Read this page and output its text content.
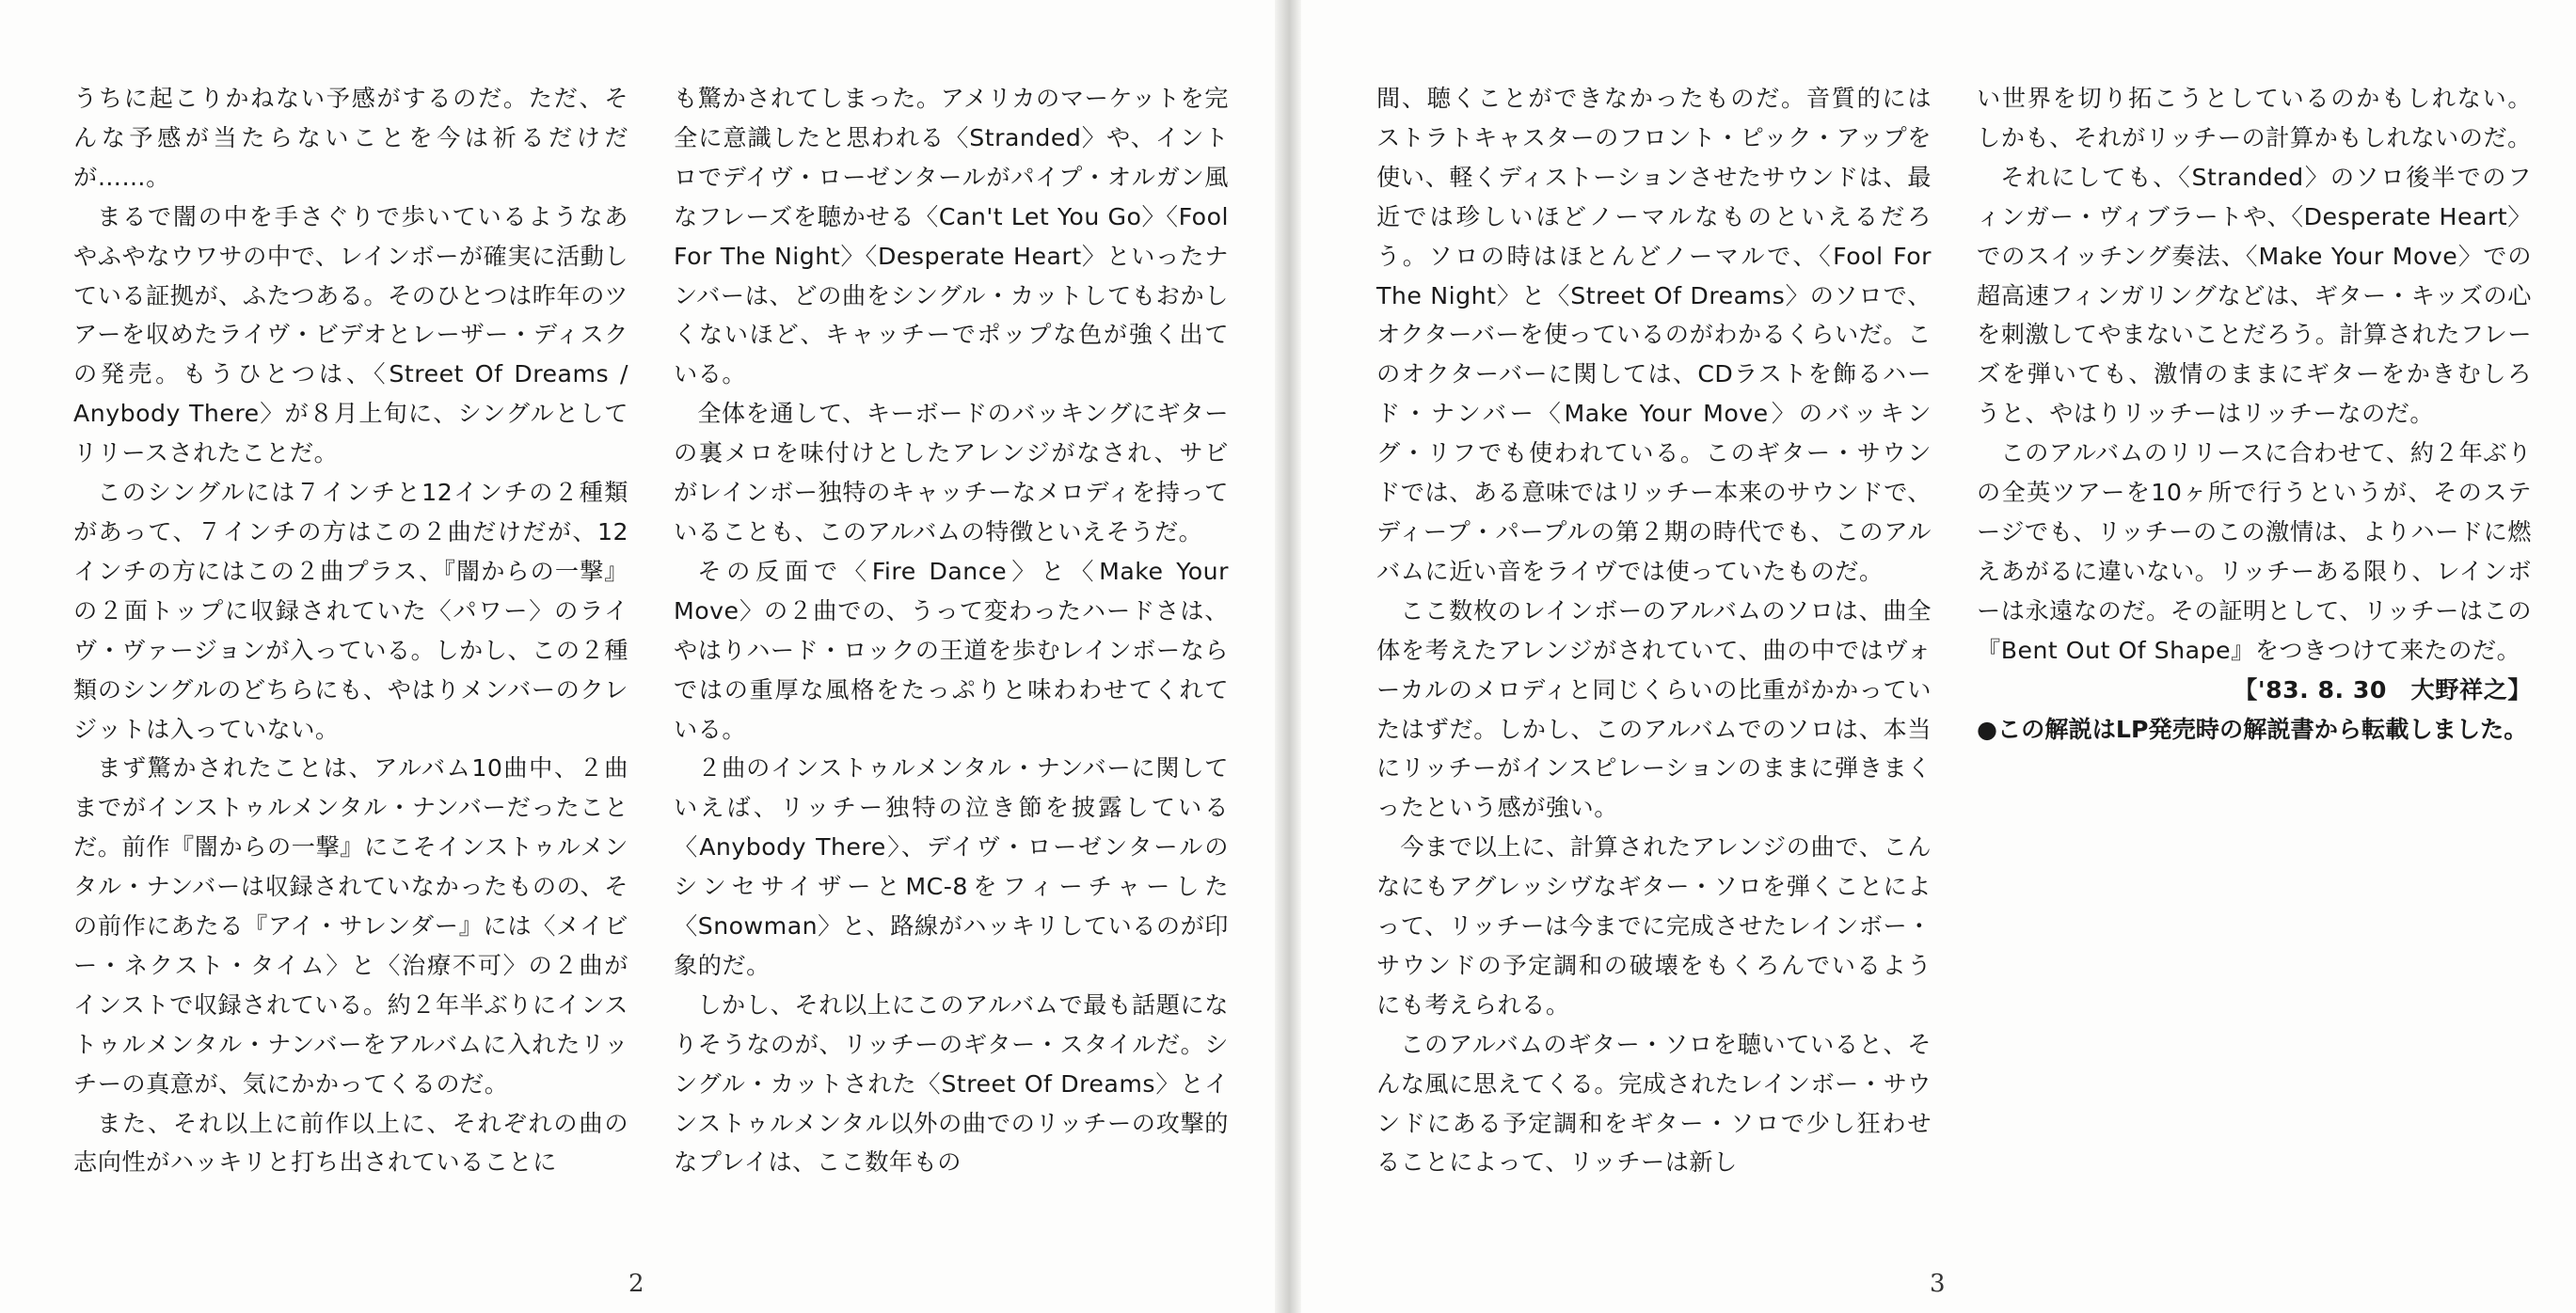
うちに起こりかねない予感がするのだ。ただ、そんな予感が当たらないことを今は祈るだけだが……。

まるで闇の中を手さぐりで歩いているようなあやふやなウワサの中で、レインボーが確実に活動している証拠が、ふたつある。そのひとつは昨年のツアーを収めたライヴ・ビデオとレーザー・ディスクの発売。もうひとつは、〈Street Of Dreams / Anybody There〉が８月上旬に、シングルとしてリリースされたことだ。

このシングルには７インチと12インチの２種類があって、７インチの方はこの２曲だけだが、12インチの方にはこの２曲プラス、『闇からの一撃』の２面トップに収録されていた〈パワー〉のライヴ・ヴァージョンが入っている。しかし、この２種類のシングルのどちらにも、やはりメンバーのクレジットは入っていない。

まず驚かされたことは、アルバム10曲中、２曲までがインストゥルメンタル・ナンバーだったことだ。前作『闇からの一撃』にこそインストゥルメンタル・ナンバーは収録されていなかったものの、その前作にあたる『アイ・サレンダー』には〈メイビー・ネクスト・タイム〉と〈治療不可〉の２曲がインストで収録されている。約２年半ぶりにインストゥルメンタル・ナンバーをアルバムに入れたリッチーの真意が、気にかかってくるのだ。

また、それ以上に前作以上に、それぞれの曲の志向性がハッキリと打ち出されていることに

も驚かされてしまった。アメリカのマーケットを完全に意識したと思われる〈Stranded〉や、イントロでデイヴ・ローゼンタールがパイプ・オルガン風なフレーズを聴かせる〈Can't Let You Go〉〈Fool For The Night〉〈Desperate Heart〉といったナンバーは、どの曲をシングル・カットしてもおかしくないほど、キャッチーでポップな色が強く出ている。

全体を通して、キーボードのバッキングにギターの裏メロを味付けとしたアレンジがなされ、サビがレインボー独特のキャッチーなメロディを持っていることも、このアルバムの特徴といえそうだ。

その反面で〈Fire Dance〉と〈Make Your Move〉の２曲での、うって変わったハードさは、やはりハード・ロックの王道を歩むレインボーならではの重厚な風格をたっぷりと味わわせてくれている。

２曲のインストゥルメンタル・ナンバーに関していえば、リッチー独特の泣き節を披露している〈Anybody There〉、デイヴ・ローゼンタールのシンセサイザーとMC-8をフィーチャーした〈Snowman〉と、路線がハッキリしているのが印象的だ。

しかし、それ以上にこのアルバムで最も話題になりそうなのが、リッチーのギター・スタイルだ。シングル・カットされた〈Street Of Dreams〉とインストゥルメンタル以外の曲でのリッチーの攻撃的なプレイは、ここ数年もの

2

間、聴くことができなかったものだ。音質的にはストラトキャスターのフロント・ピック・アップを使い、軽くディストーションさせたサウンドは、最近では珍しいほどノーマルなものといえるだろう。ソロの時はほとんどノーマルで、〈Fool For The Night〉と〈Street Of Dreams〉のソロで、オクターバーを使っているのがわかるくらいだ。このオクターバーに関しては、CDラストを飾るハード・ナンバー〈Make Your Move〉のバッキング・リフでも使われている。このギター・サウンドでは、ある意味ではリッチー本来のサウンドで、ディープ・パープルの第２期の時代でも、このアルバムに近い音をライヴでは使っていたものだ。

ここ数枚のレインボーのアルバムのソロは、曲全体を考えたアレンジがされていて、曲の中ではヴォーカルのメロディと同じくらいの比重がかかっていたはずだ。しかし、このアルバムでのソロは、本当にリッチーがインスピレーションのままに弾きまくったという感が強い。

今まで以上に、計算されたアレンジの曲で、こんなにもアグレッシヴなギター・ソロを弾くことによって、リッチーは今までに完成させたレインボー・サウンドの予定調和の破壊をもくろんでいるようにも考えられる。

このアルバムのギター・ソロを聴いていると、そんな風に思えてくる。完成されたレインボー・サウンドにある予定調和をギター・ソロで少し狂わせることによって、リッチーは新し

い世界を切り拓こうとしているのかもしれない。しかも、それがリッチーの計算かもしれないのだ。

それにしても、〈Stranded〉のソロ後半でのフィンガー・ヴィブラートや、〈Desperate Heart〉でのスイッチング奏法、〈Make Your Move〉での超高速フィンガリングなどは、ギター・キッズの心を刺激してやまないことだろう。計算されたフレーズを弾いても、激情のままにギターをかきむしろうと、やはりリッチーはリッチーなのだ。

このアルバムのリリースに合わせて、約２年ぶりの全英ツアーを10ヶ所で行うというが、そのステージでも、リッチーのこの激情は、よりハードに燃えあがるに違いない。リッチーある限り、レインボーは永遠なのだ。その証明として、リッチーはこの『Bent Out Of Shape』をつきつけて来たのだ。

【'83. 8. 30　大野祥之】

●この解説はLP発売時の解説書から転載しました。

3
